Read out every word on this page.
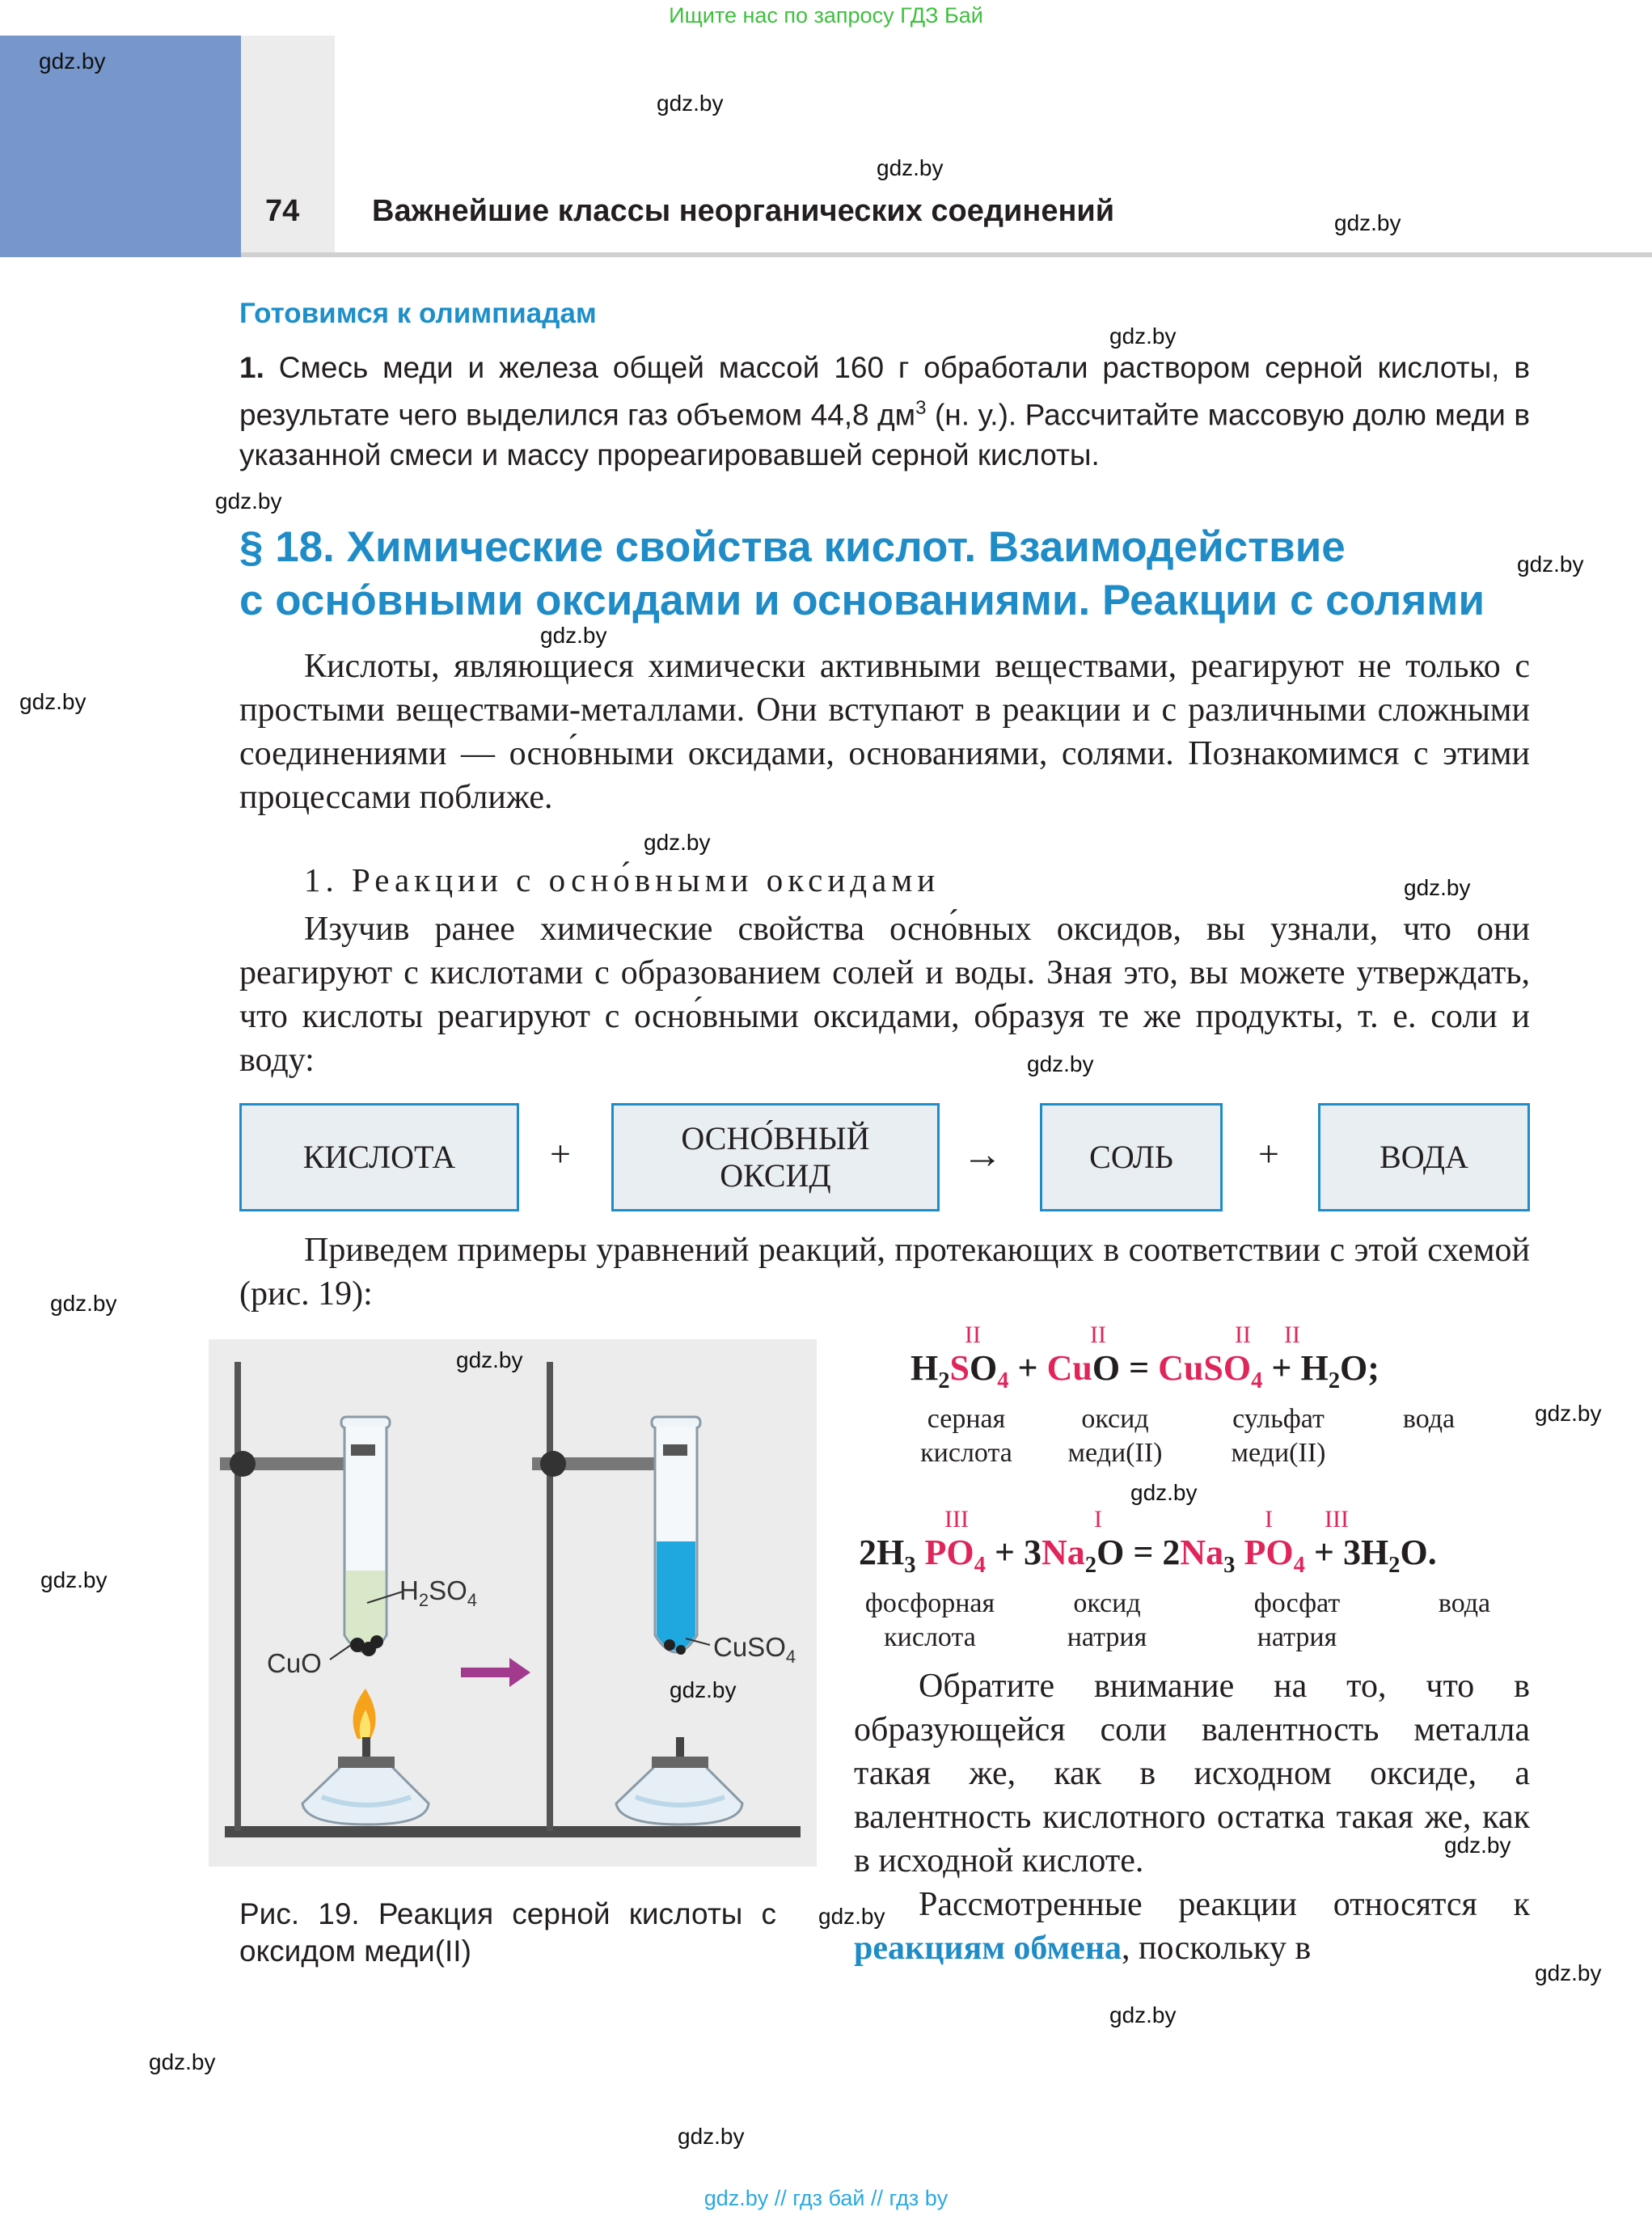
Ищите нас по запросу ГДЗ Бай
74 Важнейшие классы неорганических соединений
Готовимся к олимпиадам
1. Смесь меди и железа общей массой 160 г обработали раствором серной кислоты, в результате чего выделился газ объемом 44,8 $дм^3$ (н. у.). Рассчитайте массовую долю меди в указанной смеси и массу прореагировавшей серной кислоты.
§ 18. Химические свойства кислот. Взаимодействие
с осно́вными оксидами и основаниями. Реакции с солями
Кислоты, являющиеся химически активными веществами, реагируют не только с простыми веществами-металлами. Они вступают в реакции и с различными сложными соединениями — осно́вными оксидами, основаниями, солями. Познакомимся с этими процессами поближе.
1. Реакции с осно́вными оксидами
Изучив ранее химические свойства осно́вных оксидов, вы узнали, что они реагируют с кислотами с образованием солей и воды. Зная это, вы можете утверждать, что кислоты реагируют с осно́вными оксидами, образуя те же продукты, т. е. соли и воду:
КИСЛОТА	+	ОСНО́ВНЫЙ
ОКСИД	→	СОЛЬ +	ВОДА
Приведем примеры уравнений реакций, протекающих в соответствии с этой схемой (рис. 19):
$H_2SO_4$
CuO
CuSO$_4$
Рис. 19. Реакция серной кислоты с оксидом меди(II)
II	II	II II
$H_2SO_4$ + CuO = CuSO$_4$ + $H_2O$;
серная
кислота
оксид
меди(II)
сульфат
меди(II)
вода
III	I	I III
$2H_3$ $PO_4 + 3Na_2O = 2Na_3$ $PO_4 + 3H_2O$.
фосфорная
кислота
оксид
натрия
фосфат
натрия
вода
Обратите внимание на то, что в образующейся соли валентность металла такая же, как в исходном оксиде, а валентность кислотного остатка такая же, как в исходной кислоте.
Рассмотренные реакции относятся к реакциям обмена, поскольку в
gdz.by
gdz.by
gdz.by
gdz.by
gdz.by
gdz.by
gdz.by
gdz.by
gdz.by
gdz.by
gdz.by
gdz.by
gdz.by
gdz.by
gdz.by
gdz.by
gdz.by
gdz.by
gdz.by
gdz.by
gdz.by
gdz.by
gdz.by
gdz.by
gdz.by // гдз бай // гдз by
